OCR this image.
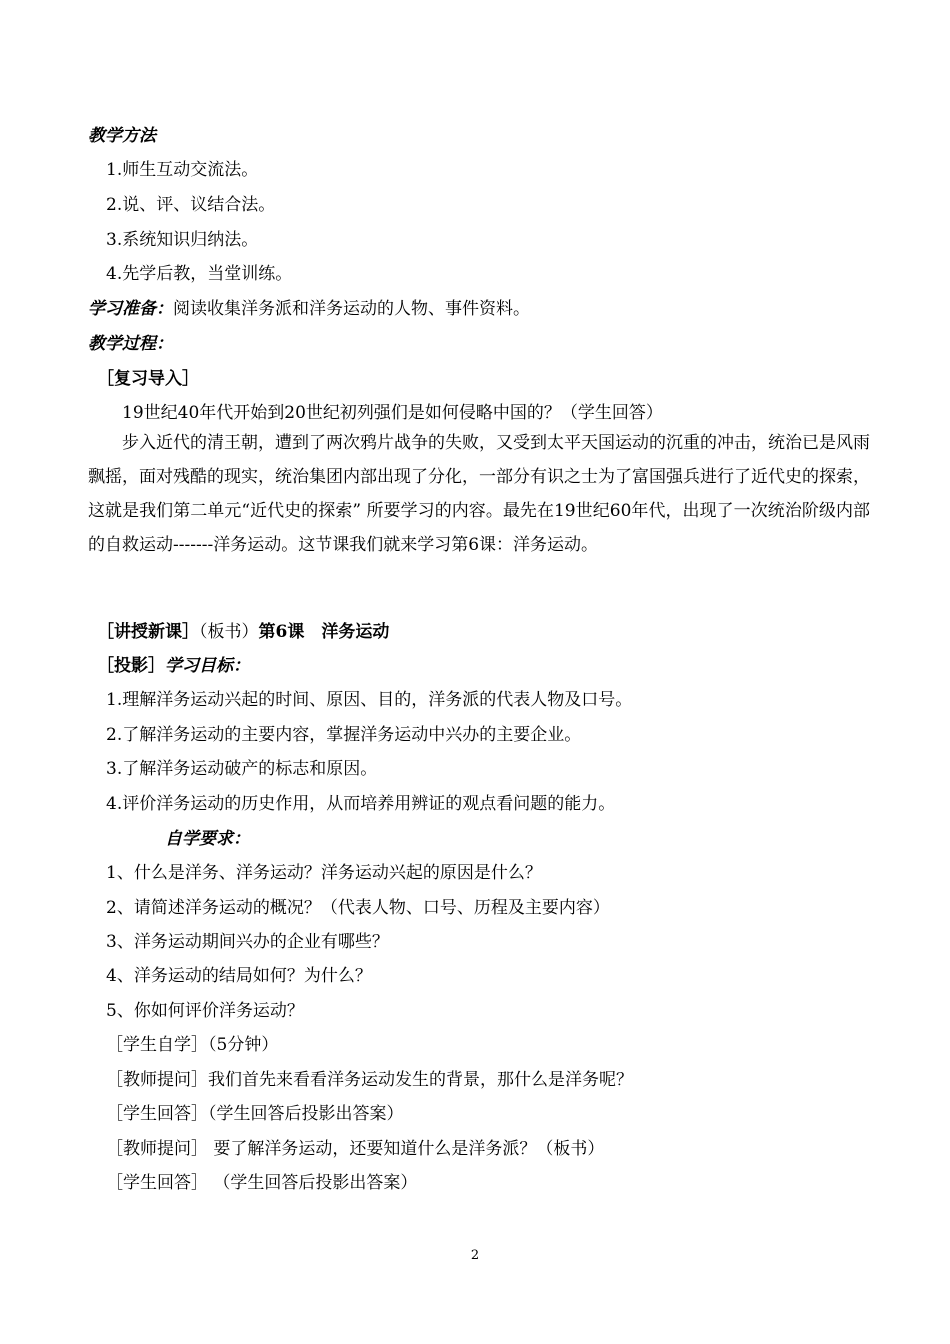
教学方法
1.师生互动交流法。
2.说、评、议结合法。
3.系统知识归纳法。
4.先学后教，当堂训练。
学习准备：阅读收集洋务派和洋务运动的人物、事件资料。
教学过程：
［复习导入］
19世纪40年代开始到20世纪初列强们是如何侵略中国的？（学生回答）
步入近代的清王朝，遭到了两次鸦片战争的失败，又受到太平天国运动的沉重的冲击，统治已是风雨飘摇，面对残酷的现实，统治集团内部出现了分化，一部分有识之士为了富国强兵进行了近代史的探索，这就是我们第二单元“近代史的探索” 所要学习的内容。最先在19世纪60年代，出现了一次统治阶级内部的自救运动-------洋务运动。这节课我们就来学习第6课：洋务运动。
［讲授新课］（板书）第6课　洋务运动
［投影］学习目标：
1.理解洋务运动兴起的时间、原因、目的，洋务派的代表人物及口号。
2.了解洋务运动的主要内容，掌握洋务运动中兴办的主要企业。
3.了解洋务运动破产的标志和原因。
4.评价洋务运动的历史作用，从而培养用辨证的观点看问题的能力。
自学要求：
1、什么是洋务、洋务运动？洋务运动兴起的原因是什么？
2、请简述洋务运动的概况？（代表人物、口号、历程及主要内容）
3、洋务运动期间兴办的企业有哪些？
4、洋务运动的结局如何？为什么？
5、你如何评价洋务运动？
［学生自学］（5分钟）
［教师提问］我们首先来看看洋务运动发生的背景，那什么是洋务呢？
［学生回答］（学生回答后投影出答案）
［教师提问］ 要了解洋务运动，还要知道什么是洋务派？（板书）
［学生回答］ （学生回答后投影出答案）
2
